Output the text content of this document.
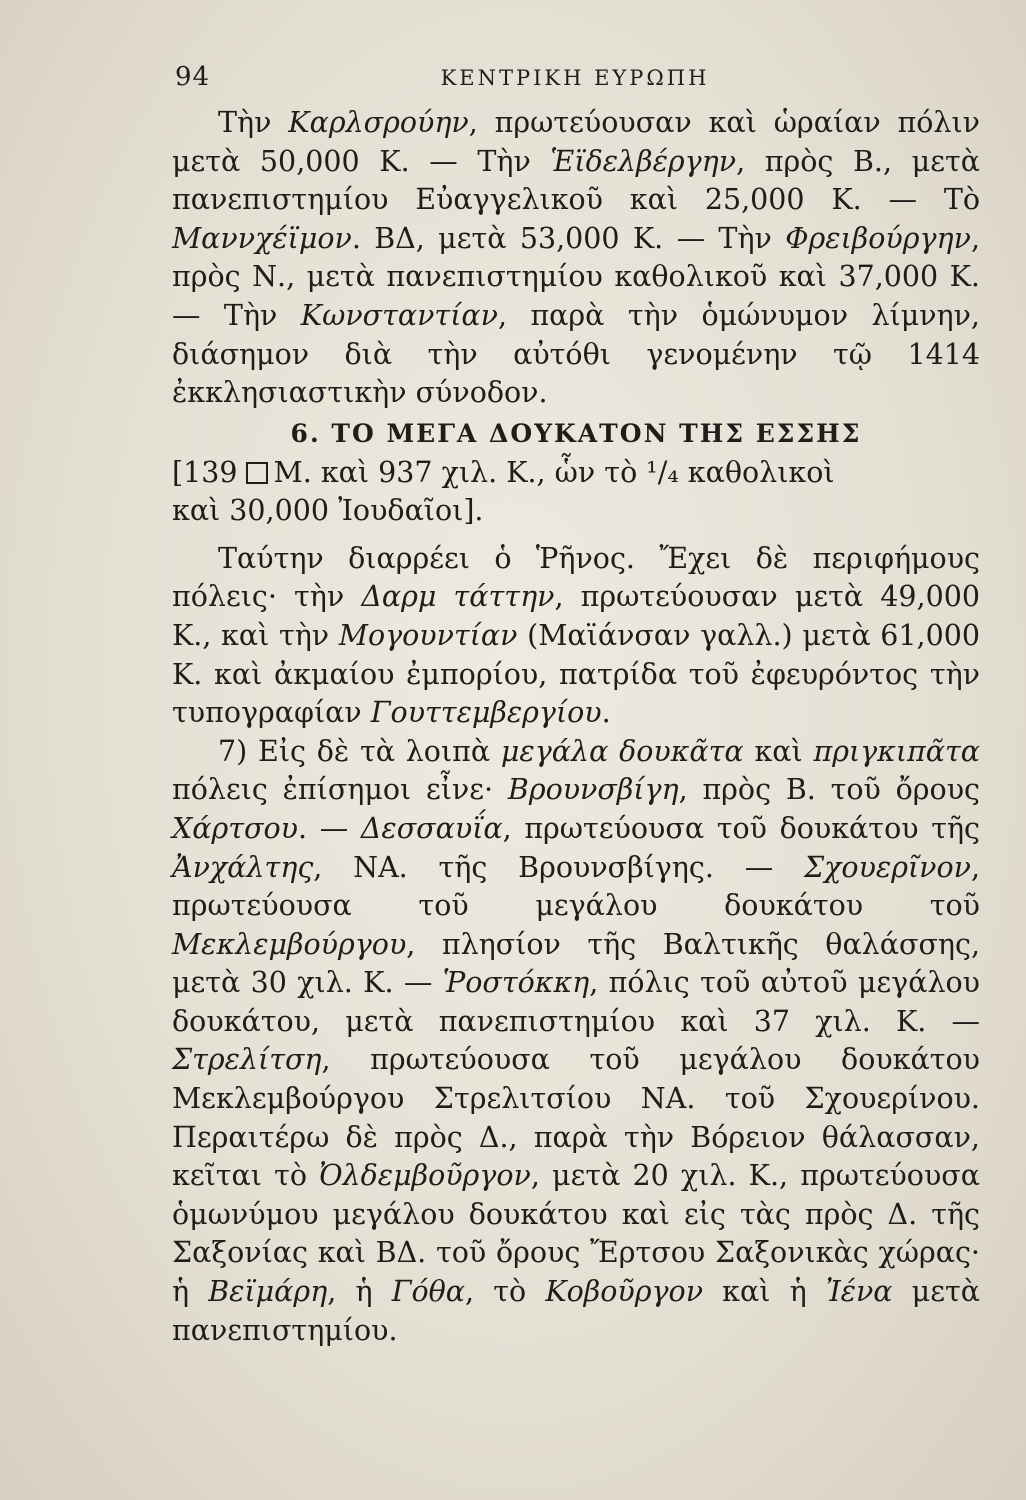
94	ΚΕΝΤΡΙΚΗ ΕΥΡΩΠΗ

Τὴν Καρλσρούην, πρωτεύουσαν καὶ ὡραίαν πόλιν μετὰ 50,000 Κ. — Τὴν Ἑϊδελβέργην, πρὸς Β., μετὰ πανεπιστημίου Εὐαγγελικοῦ καὶ 25,000 Κ. — Τὸ Μαννχέϊμον. ΒΔ, μετὰ 53,000 Κ. — Τὴν Φρειβούργην, πρὸς Ν., μετὰ πανεπιστημίου καθολικοῦ καὶ 37,000 Κ. — Τὴν Κωνσταντίαν, παρὰ τὴν ὁμώνυμον λίμνην, διάσημον διὰ τὴν αὐτόθι γενομένην τῷ 1414 ἐκκλησιαστικὴν σύνοδον.

6. ΤΟ ΜΕΓΑ ΔΟΥΚΑΤΟΝ ΤΗΣ ΕΣΣΗΣ

[139 Μ. καὶ 937 χιλ. Κ., ὧν τὸ ¹/₄ καθολικοὶ
καὶ 30,000 Ἰουδαῖοι].

Ταύτην διαρρέει ὁ Ῥῆνος. Ἔχει δὲ περιφήμους πόλεις· τὴν Δαρμ τάττην, πρωτεύουσαν μετὰ 49,000 Κ., καὶ τὴν Μογουντίαν (Μαϊάνσαν γαλλ.) μετὰ 61,000 Κ. καὶ ἀκμαίου ἐμπορίου, πατρίδα τοῦ ἐφευρόντος τὴν τυπογραφίαν Γουττεμβεργίου.

7) Εἰς δὲ τὰ λοιπὰ μεγάλα δουκᾶτα καὶ πριγκιπᾶτα πόλεις ἐπίσημοι εἶνε· Βρουνσβίγη, πρὸς Β. τοῦ ὄρους Χάρτσου. — Δεσσαυΐα, πρωτεύουσα τοῦ δουκάτου τῆς Ἀνχάλτης, ΝΑ. τῆς Βρουνσβίγης. — Σχουερῖνον, πρωτεύουσα τοῦ μεγάλου δουκάτου τοῦ Μεκλεμβούργου, πλησίον τῆς Βαλτικῆς θαλάσσης, μετὰ 30 χιλ. Κ. — Ῥοστόκκη, πόλις τοῦ αὐτοῦ μεγάλου δουκάτου, μετὰ πανεπιστημίου καὶ 37 χιλ. Κ. — Στρελίτση, πρωτεύουσα τοῦ μεγάλου δουκάτου Μεκλεμβούργου Στρελιτσίου ΝΑ. τοῦ Σχουερίνου. Περαιτέρω δὲ πρὸς Δ., παρὰ τὴν Βόρειον θάλασσαν, κεῖται τὸ Ὀλδεμβοῦργον, μετὰ 20 χιλ. Κ., πρωτεύουσα ὁμωνύμου μεγάλου δουκάτου καὶ εἰς τὰς πρὸς Δ. τῆς Σαξονίας καὶ ΒΔ. τοῦ ὄρους Ἔρτσου Σαξονικὰς χώρας· ἡ Βεϊμάρη, ἡ Γόθα, τὸ Κοβοῦργον καὶ ἡ Ἰένα μετὰ πανεπιστημίου.
